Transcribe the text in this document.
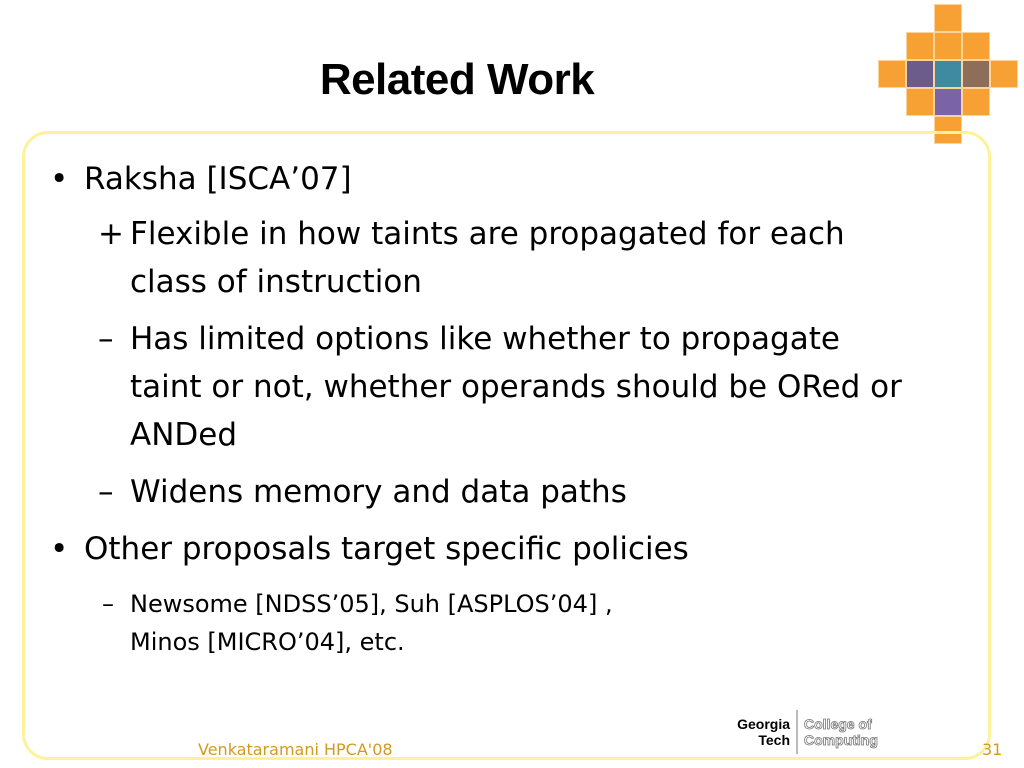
Related Work
• Raksha [ISCA’07]
+ Flexible in how taints are propagated for each
class of instruction
– Has limited options like whether to propagate
taint or not, whether operands should be ORed or
ANDed
– Widens memory and data paths
• Other proposals target specific policies
– Newsome [NDSS’05], Suh [ASPLOS’04] ,
Minos [MICRO’04], etc.
Georgia
Tech
College of
Computing
Venkataramani HPCA'08	31
